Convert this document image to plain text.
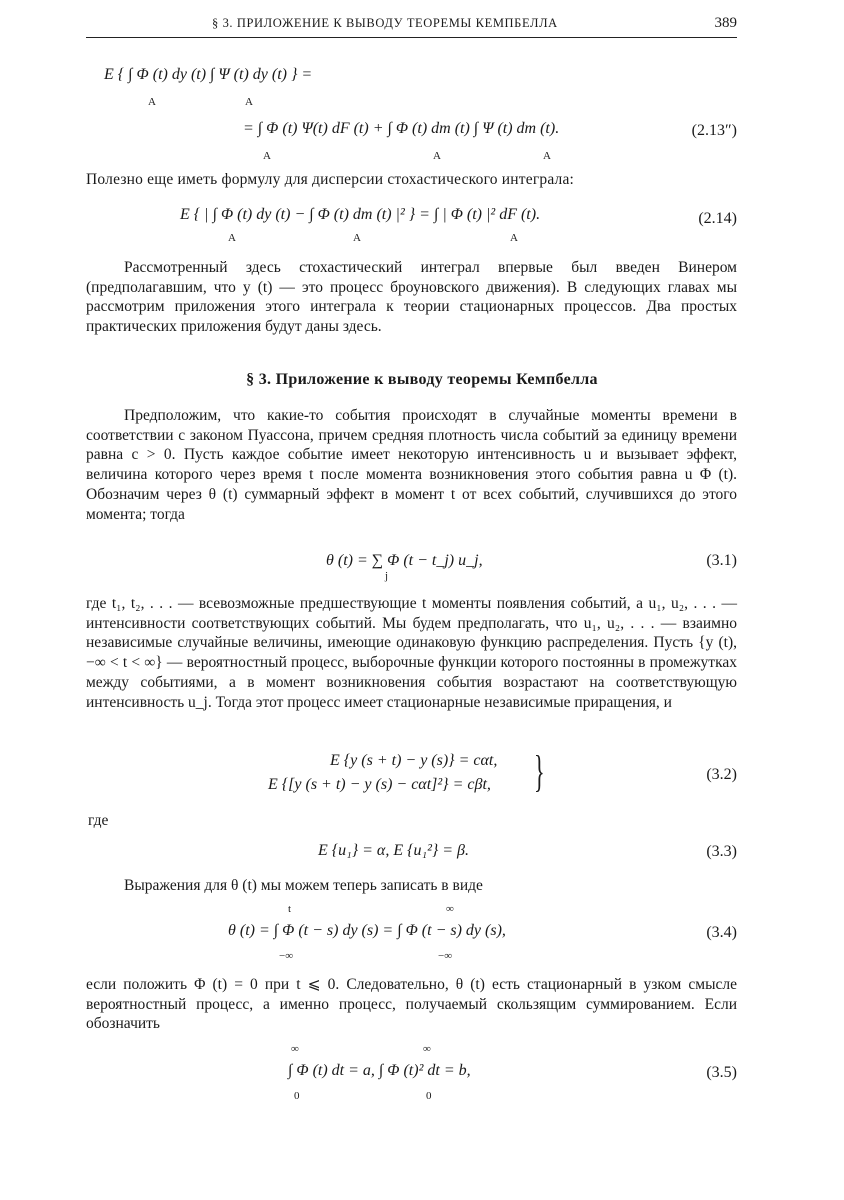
§ 3. ПРИЛОЖЕНИЕ К ВЫВОДУ ТЕОРЕМЫ КЕМПБЕЛЛА	389
E { ∫ Φ (t) dy (t) ∫ Ψ (t) dy (t) } =
A	A
= ∫ Φ (t) Ψ(t) dF (t) + ∫ Φ (t) dm (t) ∫ Ψ (t) dm (t).
A	A	A
(2.13″)
Полезно еще иметь формулу для дисперсии стохастического интеграла:
E { | ∫ Φ (t) dy (t) − ∫ Φ (t) dm (t) |² } = ∫ | Φ (t) |² dF (t).
A	A	A
(2.14)
Рассмотренный здесь стохастический интеграл впервые был введен Винером (предполагавшим, что y (t) — это процесс броуновского движения). В следующих главах мы рассмотрим приложения этого интеграла к теории стационарных процессов. Два простых практических приложения будут даны здесь.
§ 3. Приложение к выводу теоремы Кемпбелла
Предположим, что какие-то события происходят в случайные моменты времени в соответствии с законом Пуассона, причем средняя плотность числа событий за единицу времени равна c > 0. Пусть каждое событие имеет некоторую интенсивность u и вызывает эффект, величина которого через время t после момента возникновения этого события равна u Φ (t). Обозначим через θ (t) суммарный эффект в момент t от всех событий, случившихся до этого момента; тогда
θ (t) = ∑ Φ (t − t_j) u_j,
j
(3.1)
где t₁, t₂, . . . — всевозможные предшествующие t моменты появления событий, а u₁, u₂, . . . — интенсивности соответствующих событий. Мы будем предполагать, что u₁, u₂, . . . — взаимно независимые случайные величины, имеющие одинаковую функцию распределения. Пусть {y (t), −∞ < t < ∞} — вероятностный процесс, выборочные функции которого постоянны в промежутках между событиями, а в момент возникновения события возрастают на соответствующую интенсивность u_j. Тогда этот процесс имеет стационарные независимые приращения, и
E {y (s + t) − y (s)} = cαt,
E {[y (s + t) − y (s) − cαt]²} = cβt, }	(3.2)
где
E {u₁} = α, E {u₁²} = β.	(3.3)
Выражения для θ (t) мы можем теперь записать в виде
θ (t) = ∫ Φ (t − s) dy (s) = ∫ Φ (t − s) dy (s),
t
−∞
∞
−∞
(3.4)
если положить Φ (t) = 0 при t ⩽ 0. Следовательно, θ (t) есть стационарный в узком смысле вероятностный процесс, а именно процесс, получаемый скользящим суммированием. Если обозначить
∫ Φ (t) dt = a, ∫ Φ (t)² dt = b,
∞
0
∞
0
(3.5)
